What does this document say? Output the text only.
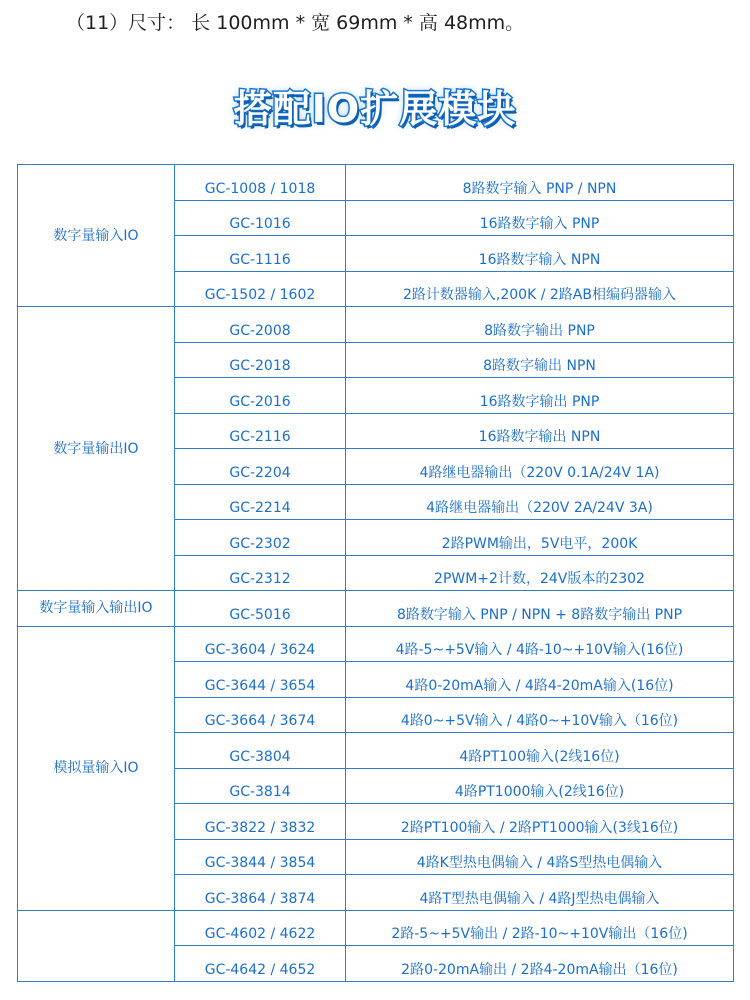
（11）尺寸： 长 100mm * 宽 69mm * 高 48mm。
搭配IO扩展模块
数字量输入IO	GC-1008 / 1018	8路数字输入 PNP / NPN
	GC-1016	16路数字输入 PNP
	GC-1116	16路数字输入 NPN
	GC-1502 / 1602	2路计数器输入,200K / 2路AB相编码器输入
数字量输出IO	GC-2008	8路数字输出 PNP
	GC-2018	8路数字输出 NPN
	GC-2016	16路数字输出 PNP
	GC-2116	16路数字输出 NPN
	GC-2204	4路继电器输出（220V 0.1A/24V 1A)
	GC-2214	4路继电器输出（220V 2A/24V 3A)
	GC-2302	2路PWM输出，5V电平，200K
	GC-2312	2PWM+2计数，24V版本的2302
数字量输入输出IO	GC-5016	8路数字输入 PNP / NPN + 8路数字输出 PNP
模拟量输入IO	GC-3604 / 3624	4路-5~+5V输入 / 4路-10~+10V输入(16位)
	GC-3644 / 3654	4路0-20mA输入 / 4路4-20mA输入(16位)
	GC-3664 / 3674	4路0~+5V输入 / 4路0~+10V输入（16位)
	GC-3804	4路PT100输入(2线16位)
	GC-3814	4路PT1000输入(2线16位)
	GC-3822 / 3832	2路PT100输入 / 2路PT1000输入(3线16位)
	GC-3844 / 3854	4路K型热电偶输入 / 4路S型热电偶输入
	GC-3864 / 3874	4路T型热电偶输入 / 4路J型热电偶输入
	GC-4602 / 4622	2路-5~+5V输出 / 2路-10~+10V输出（16位)
	GC-4642 / 4652	2路0-20mA输出 / 2路4-20mA输出（16位)
